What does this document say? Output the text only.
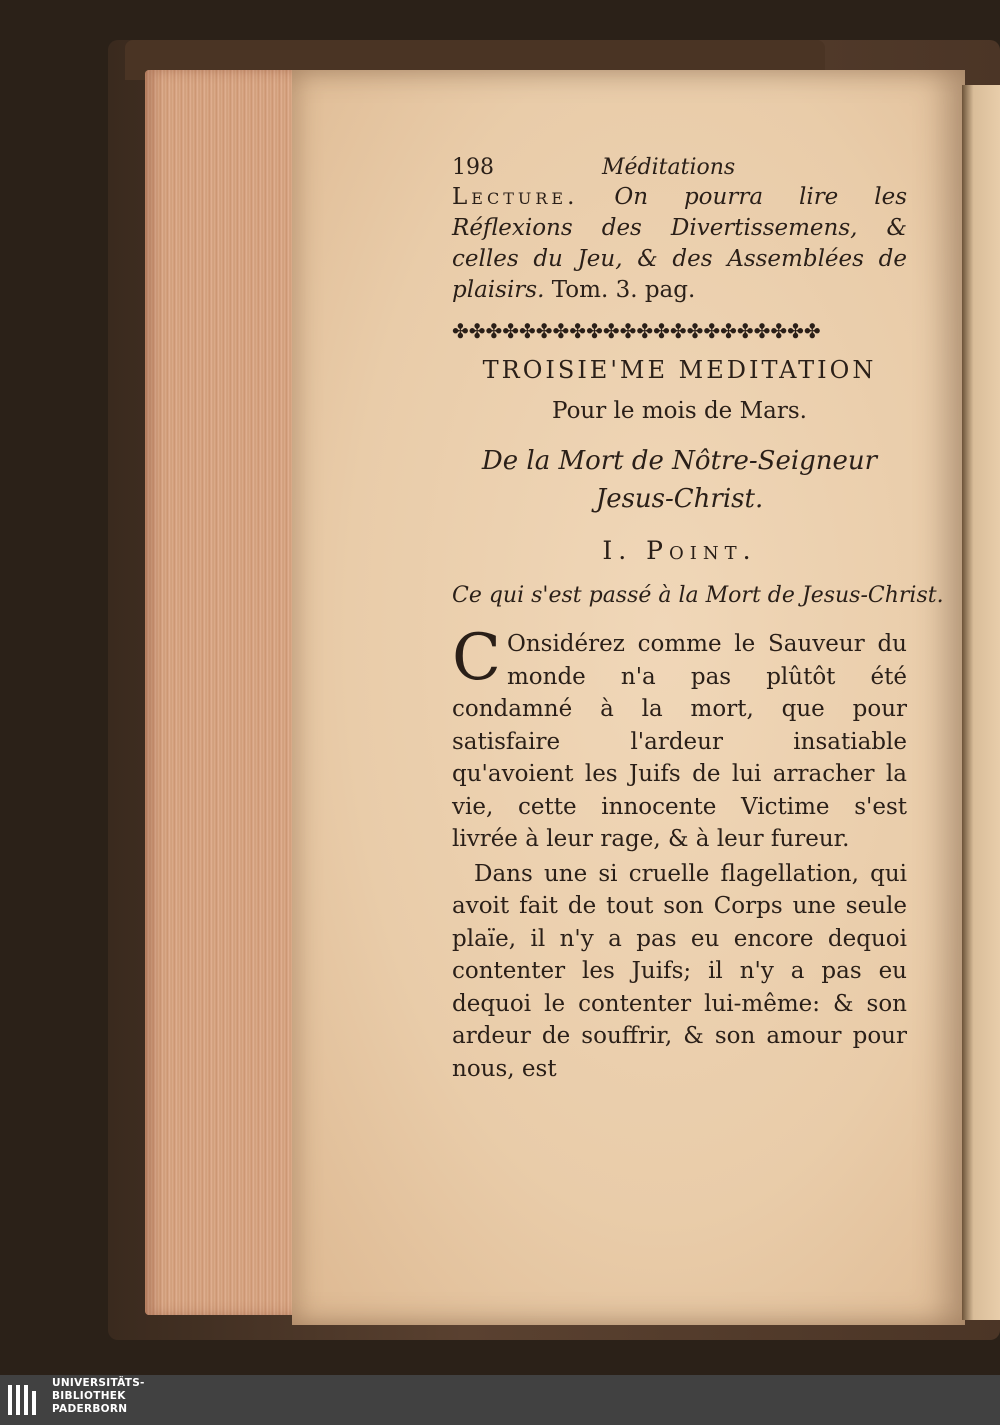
198	Méditations
Lecture. On pourra lire les Réflexions des Divertissemens, & celles du Jeu, & des Assemblées de plaisirs. Tom. 3. pag.
✤✤✤✤✤✤✤✤✤✤✤✤✤✤✤✤✤✤✤✤✤✤
TROISIE'ME MEDITATION
Pour le mois de Mars.
De la Mort de Nôtre-Seigneur Jesus-Christ.
I. Point.
Ce qui s'est passé à la Mort de Jesus-Christ.
C Onsidérez comme le Sauveur du monde n'a pas plûtôt été condamné à la mort, que pour satisfaire l'ardeur insatiable qu'avoient les Juifs de lui arracher la vie, cette innocente Victime s'est livrée à leur rage, & à leur fureur.
Dans une si cruelle flagellation, qui avoit fait de tout son Corps une seule plaïe, il n'y a pas eu encore dequoi contenter les Juifs; il n'y a pas eu dequoi le contenter lui-même: & son ardeur de souffrir, & son amour pour nous, est
UNIVERSITÄTS-
BIBLIOTHEK
PADERBORN
